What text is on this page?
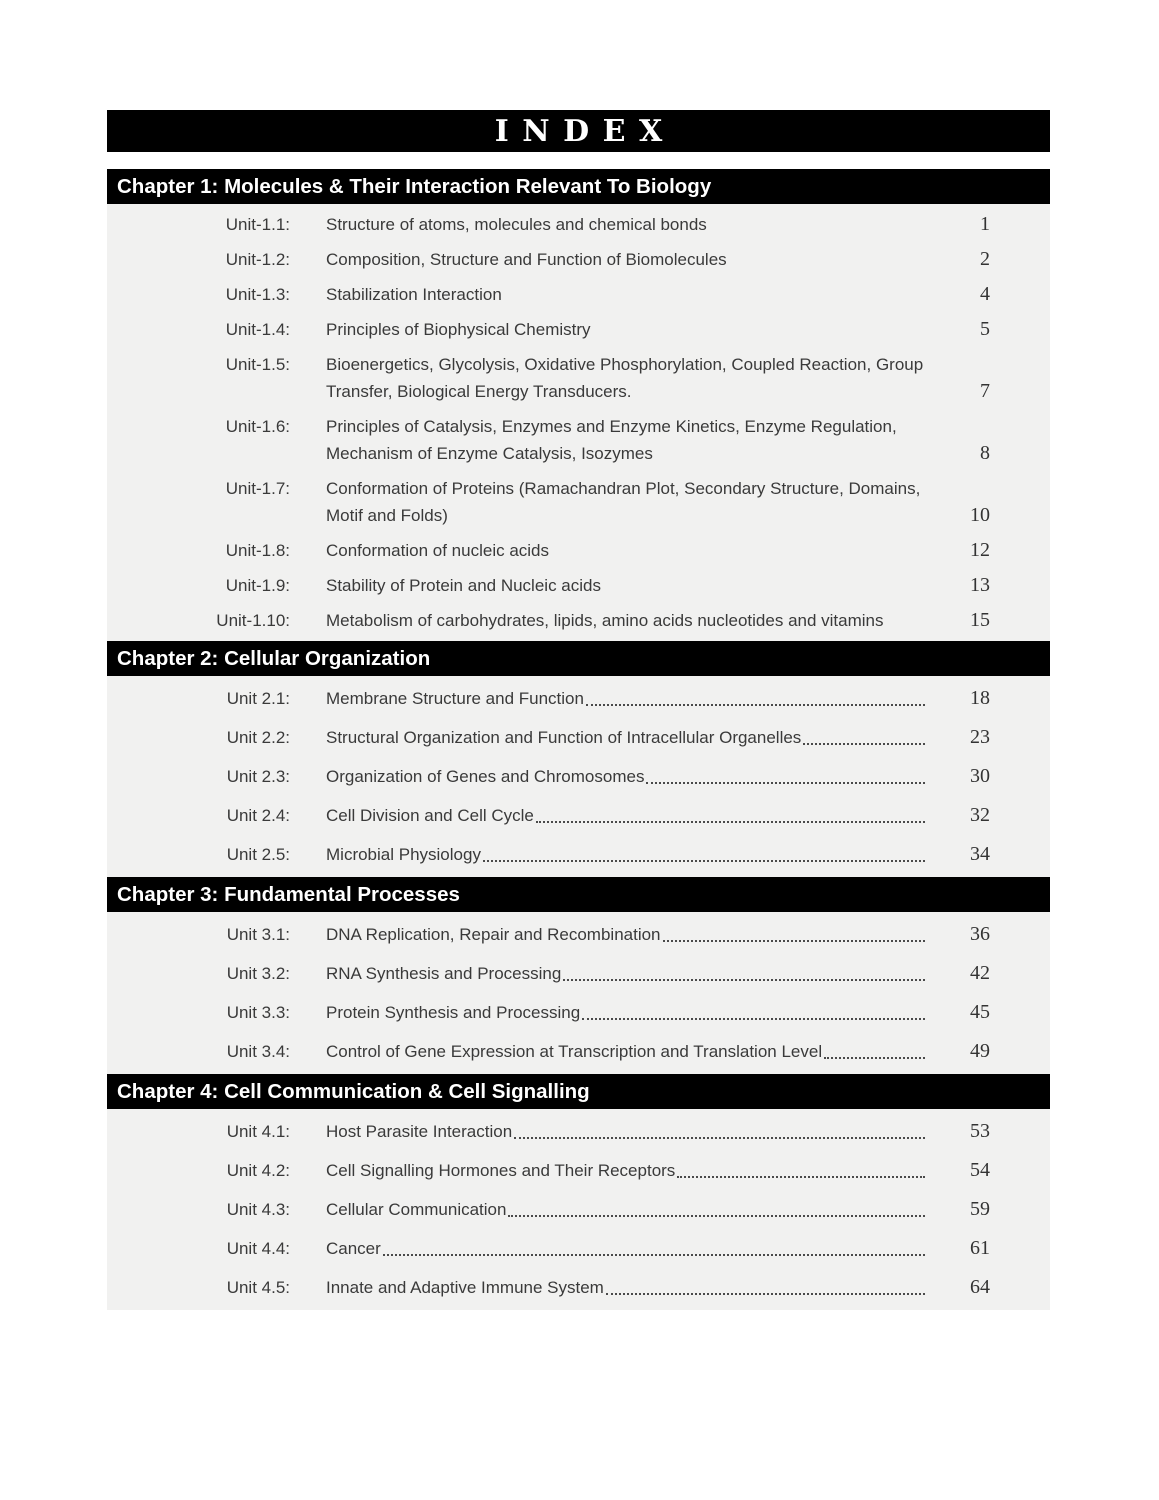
INDEX
Chapter 1: Molecules & Their Interaction Relevant To Biology
Unit-1.1: Structure of atoms, molecules and chemical bonds	1
Unit-1.2: Composition, Structure and Function of Biomolecules	2
Unit-1.3: Stabilization Interaction	4
Unit-1.4: Principles of Biophysical Chemistry	5
Unit-1.5: Bioenergetics, Glycolysis, Oxidative Phosphorylation, Coupled Reaction, Group Transfer, Biological Energy Transducers.	7
Unit-1.6: Principles of Catalysis, Enzymes and Enzyme Kinetics, Enzyme Regulation, Mechanism of Enzyme Catalysis, Isozymes	8
Unit-1.7: Conformation of Proteins (Ramachandran Plot, Secondary Structure, Domains, Motif and Folds)	10
Unit-1.8: Conformation of nucleic acids	12
Unit-1.9: Stability of Protein and Nucleic acids	13
Unit-1.10: Metabolism of carbohydrates, lipids, amino acids nucleotides and vitamins	15
Chapter 2: Cellular Organization
Unit 2.1: Membrane Structure and Function	18
Unit 2.2: Structural Organization and Function of Intracellular Organelles	23
Unit 2.3: Organization of Genes and Chromosomes	30
Unit 2.4: Cell Division and Cell Cycle	32
Unit 2.5: Microbial Physiology	34
Chapter 3: Fundamental Processes
Unit 3.1: DNA Replication, Repair and Recombination	36
Unit 3.2: RNA Synthesis and Processing	42
Unit 3.3: Protein Synthesis and Processing	45
Unit 3.4: Control of Gene Expression at Transcription and Translation Level	49
Chapter 4: Cell Communication & Cell Signalling
Unit 4.1: Host Parasite Interaction	53
Unit 4.2: Cell Signalling Hormones and Their Receptors	54
Unit 4.3: Cellular Communication	59
Unit 4.4: Cancer	61
Unit 4.5: Innate and Adaptive Immune System	64
